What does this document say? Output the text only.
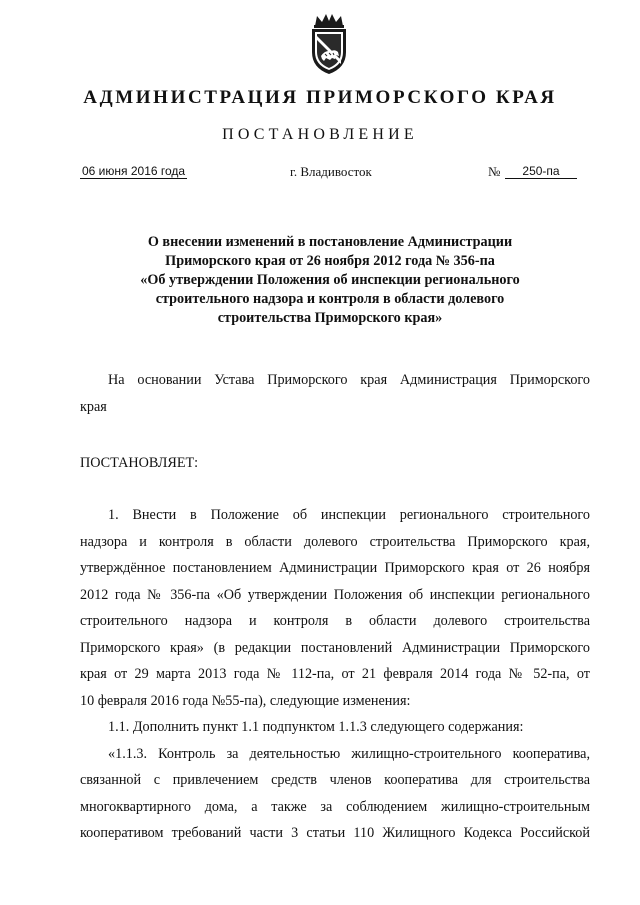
АДМИНИСТРАЦИЯ ПРИМОРСКОГО КРАЯ
ПОСТАНОВЛЕНИЕ
06 июня 2016 года	г. Владивосток	№	250-па
О внесении изменений в постановление Администрации
Приморского края от 26 ноября 2012 года № 356-па
«Об утверждении Положения об инспекции регионального
строительного надзора и контроля в области долевого
строительства Приморского края»
На основании Устава Приморского края Администрация Приморского
края
ПОСТАНОВЛЯЕТ:
1. Внести в Положение об инспекции регионального строительного
надзора и контроля в области долевого строительства Приморского края,
утверждённое постановлением Администрации Приморского края от 26 ноября
2012 года № 356-па «Об утверждении Положения об инспекции регионального
строительного надзора и контроля в области долевого строительства
Приморского края» (в редакции постановлений Администрации Приморского
края от 29 марта 2013 года № 112-па, от 21 февраля 2014 года № 52-па, от
10 февраля 2016 года №55-па), следующие изменения:
1.1. Дополнить пункт 1.1 подпунктом 1.1.3 следующего содержания:
«1.1.3. Контроль за деятельностью жилищно-строительного кооператива,
связанной с привлечением средств членов кооператива для строительства
многоквартирного дома, а также за соблюдением жилищно-строительным
кооперативом требований части 3 статьи 110 Жилищного Кодекса Российской
